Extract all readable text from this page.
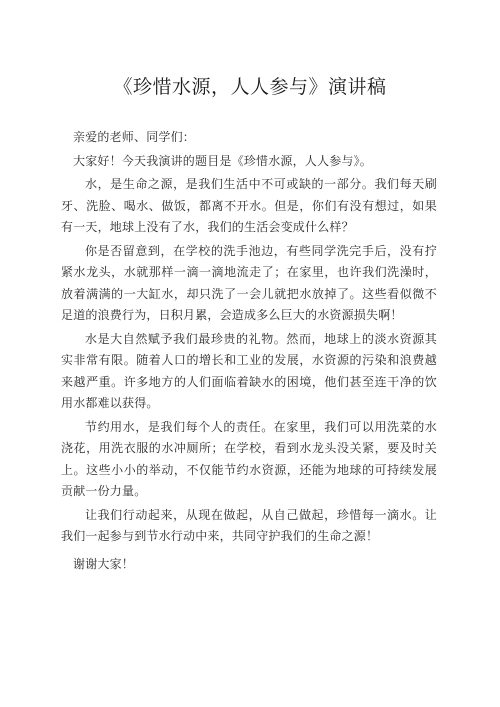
《珍惜水源，人人参与》演讲稿

亲爱的老师、同学们：

大家好！今天我演讲的题目是《珍惜水源，人人参与》。

水，是生命之源，是我们生活中不可或缺的一部分。我们每天刷牙、洗脸、喝水、做饭，都离不开水。但是，你们有没有想过，如果有一天，地球上没有了水，我们的生活会变成什么样？

你是否留意到，在学校的洗手池边，有些同学洗完手后，没有拧紧水龙头，水就那样一滴一滴地流走了；在家里，也许我们洗澡时，放着满满的一大缸水，却只洗了一会儿就把水放掉了。这些看似微不足道的浪费行为，日积月累，会造成多么巨大的水资源损失啊！

水是大自然赋予我们最珍贵的礼物。然而，地球上的淡水资源其实非常有限。随着人口的增长和工业的发展，水资源的污染和浪费越来越严重。许多地方的人们面临着缺水的困境，他们甚至连干净的饮用水都难以获得。

节约用水，是我们每个人的责任。在家里，我们可以用洗菜的水浇花，用洗衣服的水冲厕所；在学校，看到水龙头没关紧，要及时关上。这些小小的举动，不仅能节约水资源，还能为地球的可持续发展贡献一份力量。

让我们行动起来，从现在做起，从自己做起，珍惜每一滴水。让我们一起参与到节水行动中来，共同守护我们的生命之源！

谢谢大家！
